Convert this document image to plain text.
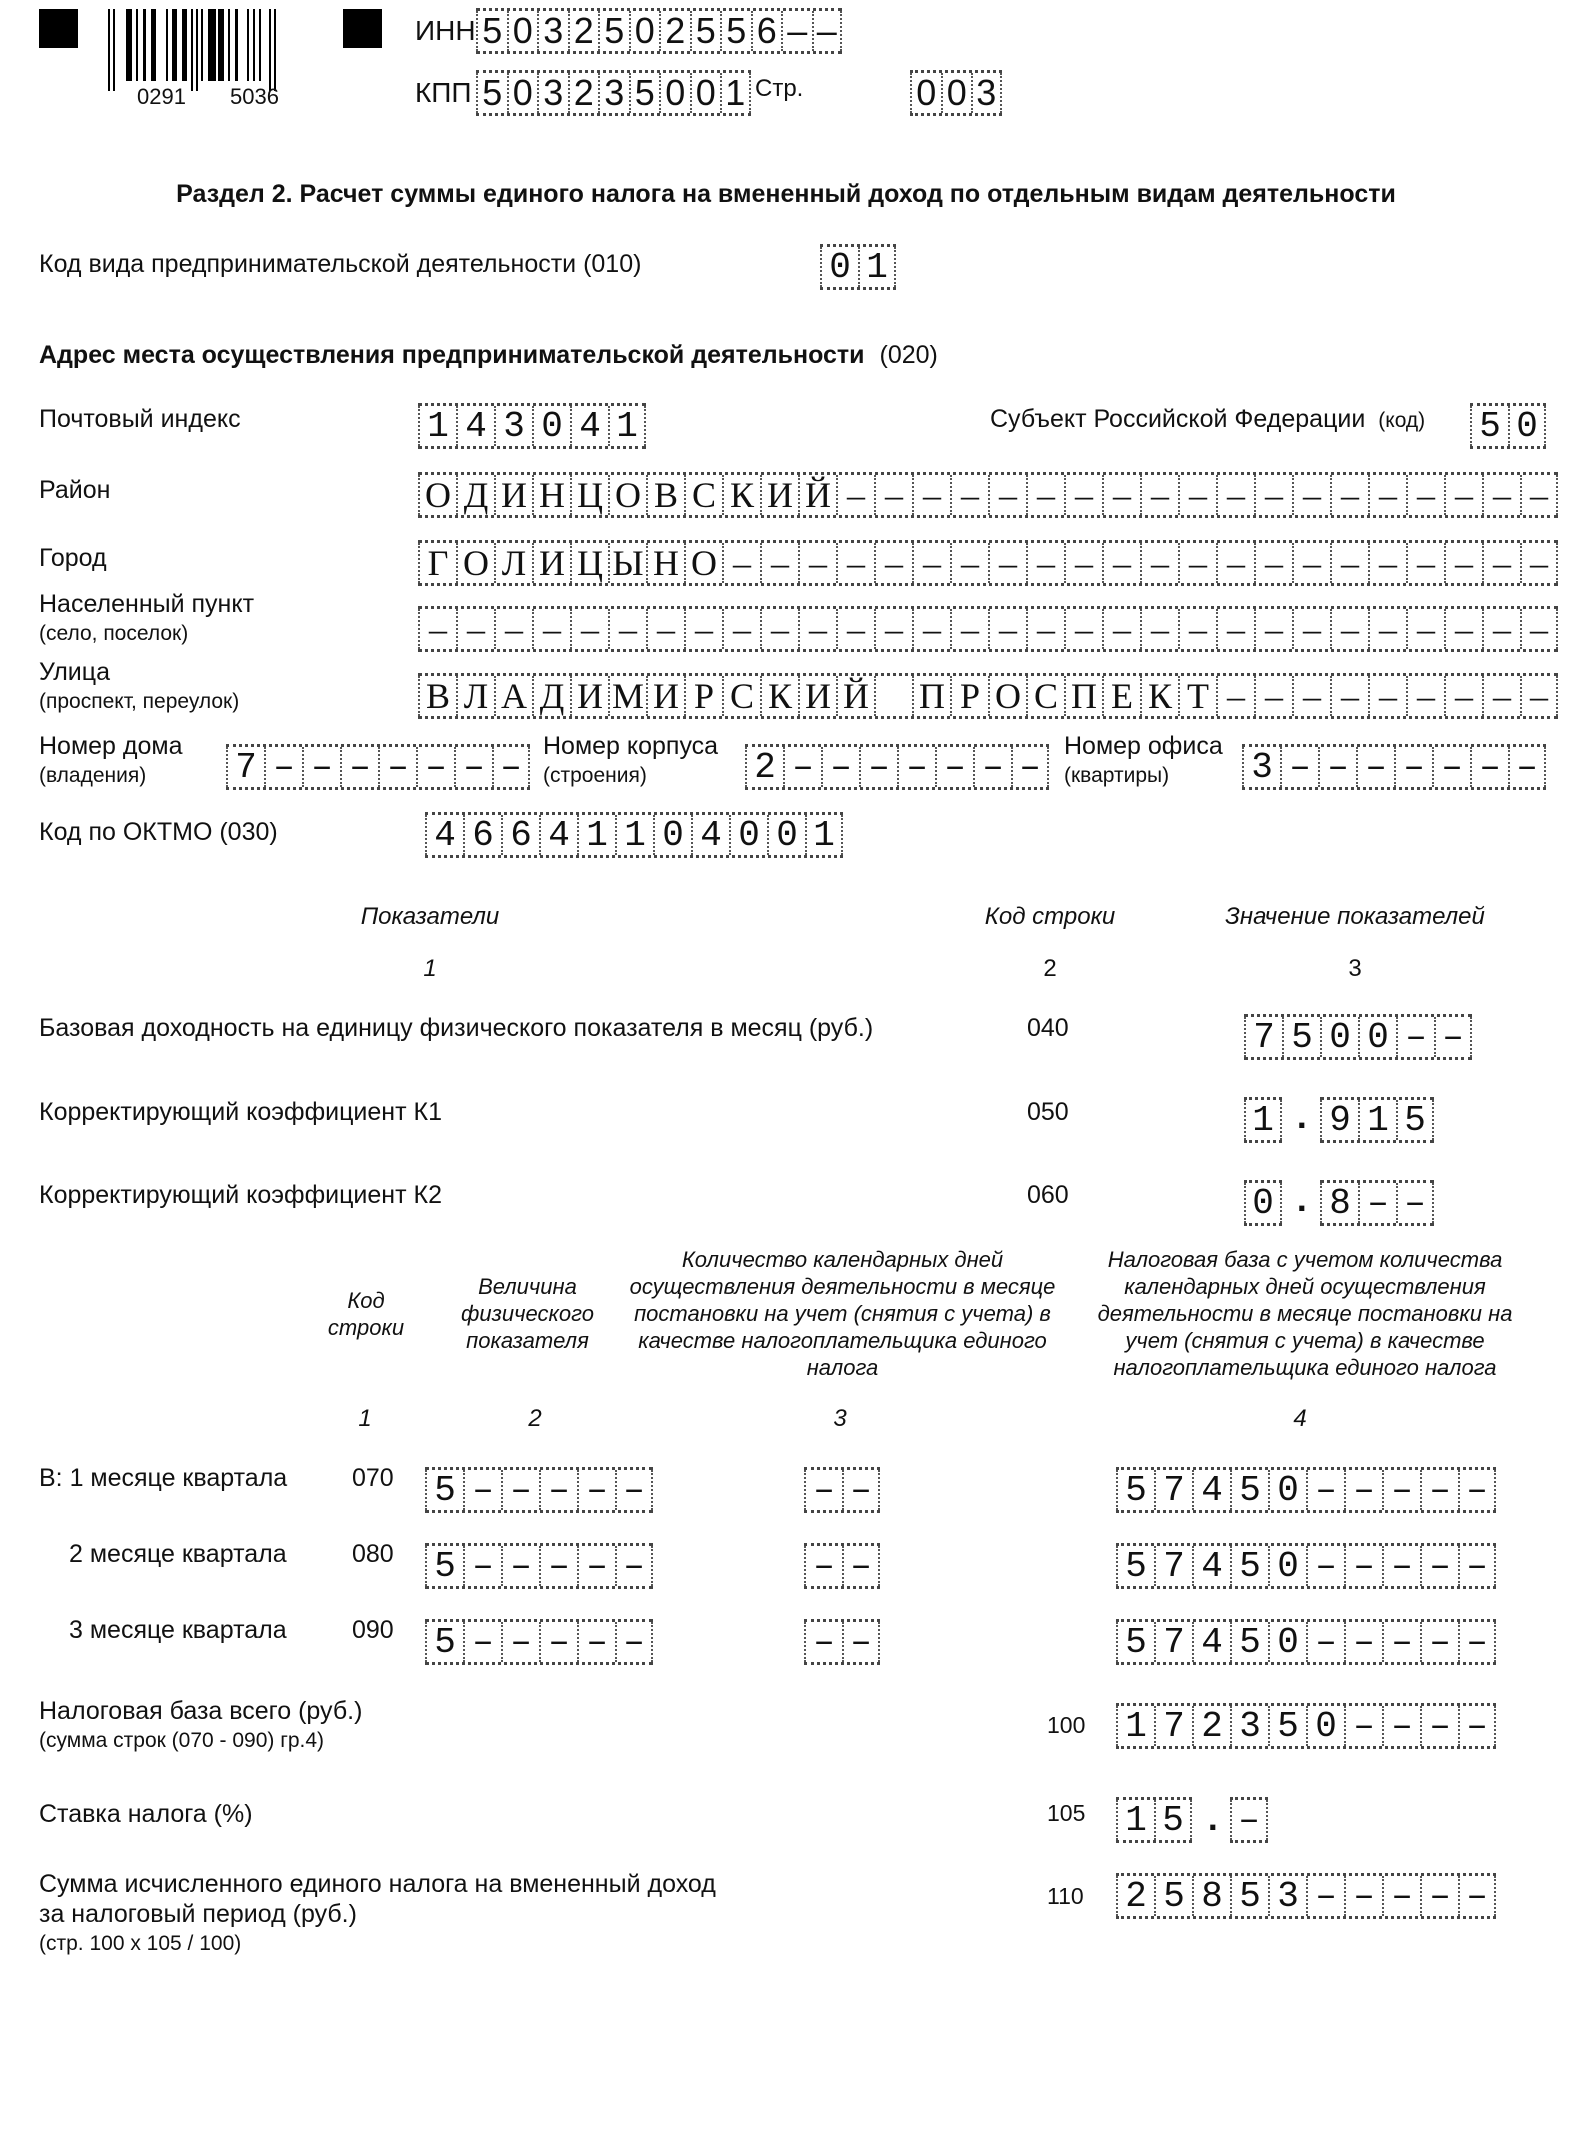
0291 5036
ИНН 5 0 3 2 5 0 2 5 5 6 – –
КПП 5 0 3 2 3 5 0 0 1 Стр.	0 0 3
Раздел 2. Расчет суммы единого налога на вмененный доход по отдельным видам деятельности
Код вида предпринимательской деятельности (010)	0 1
Адрес места осуществления предпринимательской деятельности (020)
Почтовый индекс	1 4 3 0 4 1	Субъект Российской Федерации (код) 5 0
Район	О Д И Н Ц О В С К И Й – – – – – – – – – – – – – – – – – – –
Город	Г О Л И Ц Ы Н О – – – – – – – – – – – – – – – – – – – – – –
Населенный пункт
(село, поселок)	– – – – – – – – – – – – – – – – – – – – – – – – – – – – – –
Улица
(проспект, переулок)	В Л А Д И М И Р С К И Й П Р О С П Е К Т – – – – – – – – –
Номер дома
(владения) 7 – – – – – – –
Номер корпуса
(строения)	2 – – – – – – –
Номер офиса
(квартиры) 3 – – – – – – –
Код по ОКТМО (030)	4 6 6 4 1 1 0 4 0 0 1
Показатели	Код строки	Значение показателей
1	2	3
Базовая доходность на единицу физического показателя в месяц (руб.)	040	7 5 0 0 – –
Корректирующий коэффициент К1	050	1 . 9 1 5
Корректирующий коэффициент К2	060	0 . 8 – –
Код строки
Величина физического показателя
Количество календарных дней осуществления деятельности в месяце постановки на учет (снятия с учета) в качестве налогоплательщика единого налога
Налоговая база с учетом количества календарных дней осуществления деятельности в месяце постановки на учет (снятия с учета) в качестве налогоплательщика единого налога
1	2	3	4
В: 1 месяце квартала	070 5 – – – – –	– –	5 7 4 5 0 – – – – –
2 месяце квартала	080 5 – – – – –	– –	5 7 4 5 0 – – – – –
3 месяце квартала	090 5 – – – – –	– –	5 7 4 5 0 – – – – –
Налоговая база всего (руб.)
(сумма строк (070 - 090) гр.4)
100 1 7 2 3 5 0 – – – –
Ставка налога (%)	105 1 5 . –
Сумма исчисленного единого налога на вмененный доход
за налоговый период (руб.)
(стр. 100 x 105 / 100)
110 2 5 8 5 3 – – – – –
